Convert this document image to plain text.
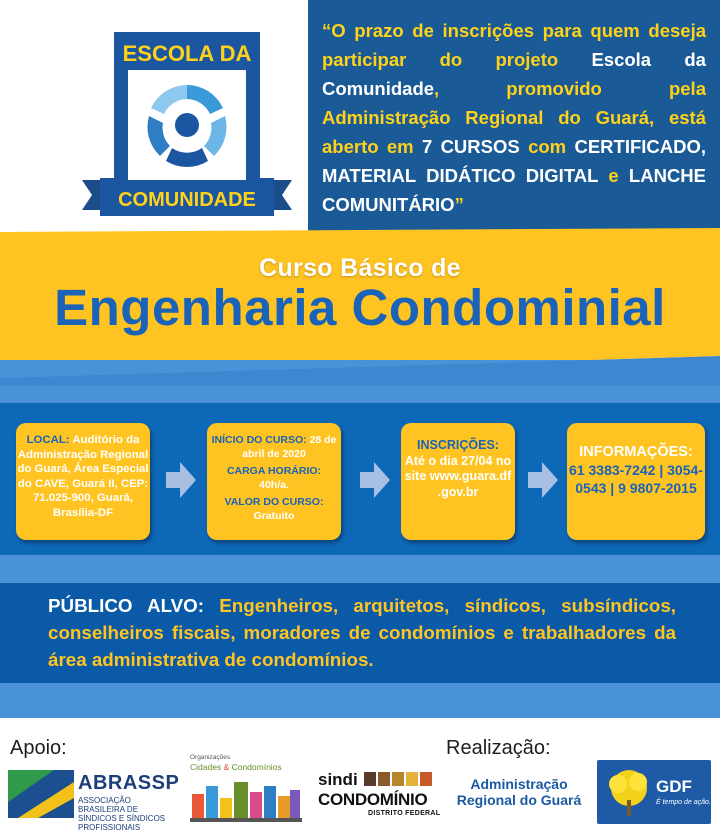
ESCOLA DA
COMUNIDADE
“O prazo de inscrições para quem deseja participar do projeto Escola da Comunidade, promovido pela Administração Regional do Guará, está aberto em 7 CURSOS com CERTIFICADO, MATERIAL DIDÁTICO DIGITAL e LANCHE COMUNITÁRIO”
Curso Básico de
Engenharia Condominial
LOCAL: Auditório da Administração Regional do Guará, Área Especial do CAVE, Guará II, CEP: 71.025-900, Guará, Brasília-DF
INÍCIO DO CURSO: 28 de abril de 2020
CARGA HORÁRIO:
40h/a.
VALOR DO CURSO:
Gratuito
INSCRIÇÕES:
Até o dia 27/04 no site www.guara.df .gov.br
INFORMAÇÕES:
61 3383-7242 | 3054-0543 | 9 9807-2015
PÚBLICO ALVO: Engenheiros, arquitetos, síndicos, subsíndicos, conselheiros fiscais, moradores de condomínios e trabalhadores da área administrativa de condomínios.
Apoio:	Realização:
ABRASSP
ASSOCIAÇÃO BRASILEIRA DE SÍNDICOS E SÍNDICOS PROFISSIONAIS
Organizações
Cidades & Condomínios
sindi
CONDOMÍNIO
DISTRITO FEDERAL
Administração
Regional do Guará
GDF
É tempo de ação.
